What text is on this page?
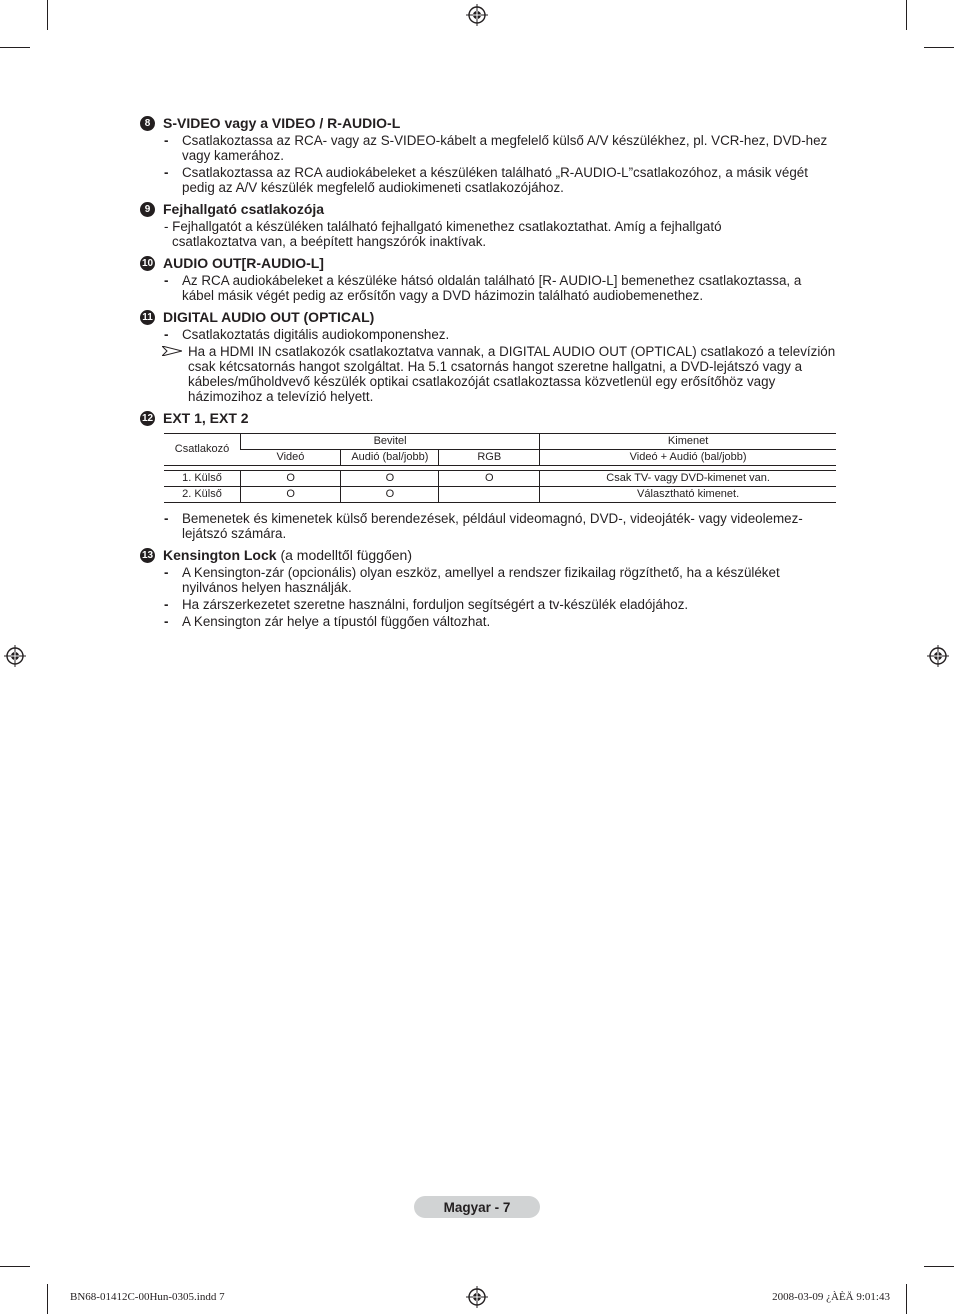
8 S-VIDEO vagy a VIDEO / R-AUDIO-L
-	Csatlakoztassa az RCA- vagy az S-VIDEO-kábelt a megfelelő külső A/V készülékhez, pl. VCR-hez, DVD-hez vagy kamerához.
-	Csatlakoztassa az RCA audiokábeleket a készüléken található „R-AUDIO-L”csatlakozóhoz, a másik végét pedig az A/V készülék megfelelő audiokimeneti csatlakozójához.
9 Fejhallgató csatlakozója
- Fejhallgatót a készüléken található fejhallgató kimenethez csatlakoztathat. Amíg a fejhallgató
csatlakoztatva van, a beépített hangszórók inaktívak.
10 AUDIO OUT[R-AUDIO-L]
-	Az RCA audiokábeleket a készüléke hátsó oldalán található [R- AUDIO-L] bemenethez csatlakoztassa, a kábel másik végét pedig az erősítőn vagy a DVD házimozin található audiobemenethez.
11 DIGITAL AUDIO OUT (OPTICAL)
-	Csatlakoztatás digitális audiokomponenshez.
Ha a HDMI IN csatlakozók csatlakoztatva vannak, a DIGITAL AUDIO OUT (OPTICAL) csatlakozó a televízión csak kétcsatornás hangot szolgáltat. Ha 5.1 csatornás hangot szeretne hallgatni, a DVD-lejátszó vagy a kábeles/műholdvevő készülék optikai csatlakozóját csatlakoztassa közvetlenül egy erősítőhöz vagy házimozihoz a televízió helyett.
12 EXT 1, EXT 2
Csatlakozó	Bevitel			Kimenet
	Videó	Audió (bal/jobb)	RGB	Videó + Audió (bal/jobb)

1. Külső	O	O	O	Csak TV- vagy DVD-kimenet van.
2. Külső	O	O		Választható kimenet.
-	Bemenetek és kimenetek külső berendezések, például videomagnó, DVD-, videojáték- vagy videolemez-lejátszó számára.
13 Kensington Lock
(a modelltől függően)
-	A Kensington-zár (opcionális) olyan eszköz, amellyel a rendszer fizikailag rögzíthető, ha a készüléket nyilvános helyen használják.
-	Ha zárszerkezetet szeretne használni, forduljon segítségért a tv-készülék eladójához.
-	A Kensington zár helye a típustól függően változhat.
Magyar - 7
BN68-01412C-00Hun-0305.indd 7	2008-03-09 ¿ÀÈÄ 9:01:43
